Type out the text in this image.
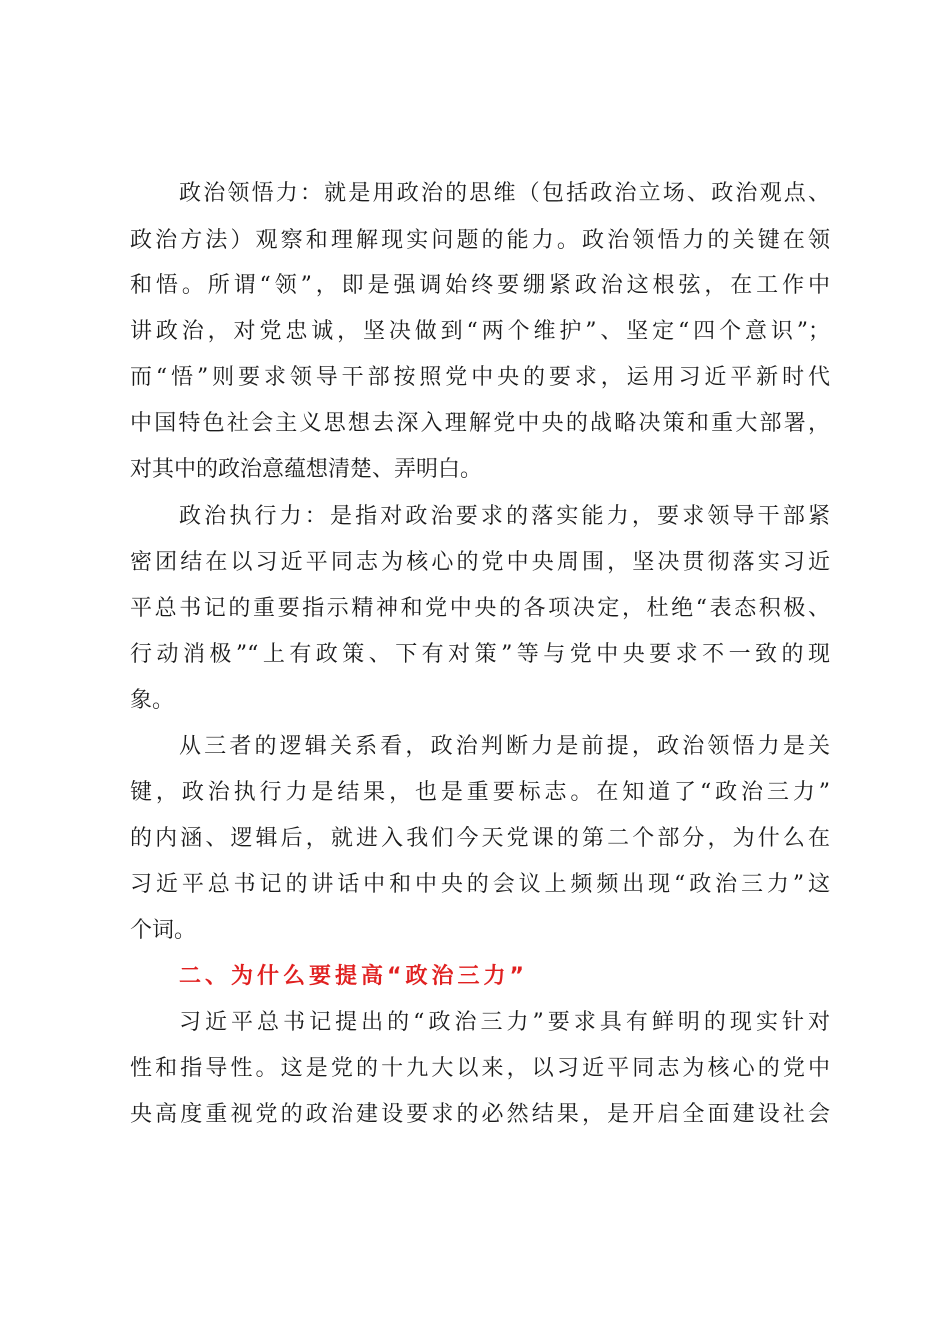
政治领悟力：就是用政治的思维（包括政治立场、政治观点、
政治方法）观察和理解现实问题的能力。政治领悟力的关键在领
和悟。所谓“领”，即是强调始终要绷紧政治这根弦，在工作中
讲政治，对党忠诚，坚决做到“两个维护”、坚定“四个意识”；
而“悟”则要求领导干部按照党中央的要求，运用习近平新时代
中国特色社会主义思想去深入理解党中央的战略决策和重大部署，
对其中的政治意蕴想清楚、弄明白。
政治执行力：是指对政治要求的落实能力，要求领导干部紧
密团结在以习近平同志为核心的党中央周围，坚决贯彻落实习近
平总书记的重要指示精神和党中央的各项决定，杜绝“表态积极、
行动消极”“上有政策、下有对策”等与党中央要求不一致的现
象。
从三者的逻辑关系看，政治判断力是前提，政治领悟力是关
键，政治执行力是结果，也是重要标志。在知道了“政治三力”
的内涵、逻辑后，就进入我们今天党课的第二个部分，为什么在
习近平总书记的讲话中和中央的会议上频频出现“政治三力”这
个词。
二、为什么要提高“政治三力”
习近平总书记提出的“政治三力”要求具有鲜明的现实针对
性和指导性。这是党的十九大以来，以习近平同志为核心的党中
央高度重视党的政治建设要求的必然结果，是开启全面建设社会
